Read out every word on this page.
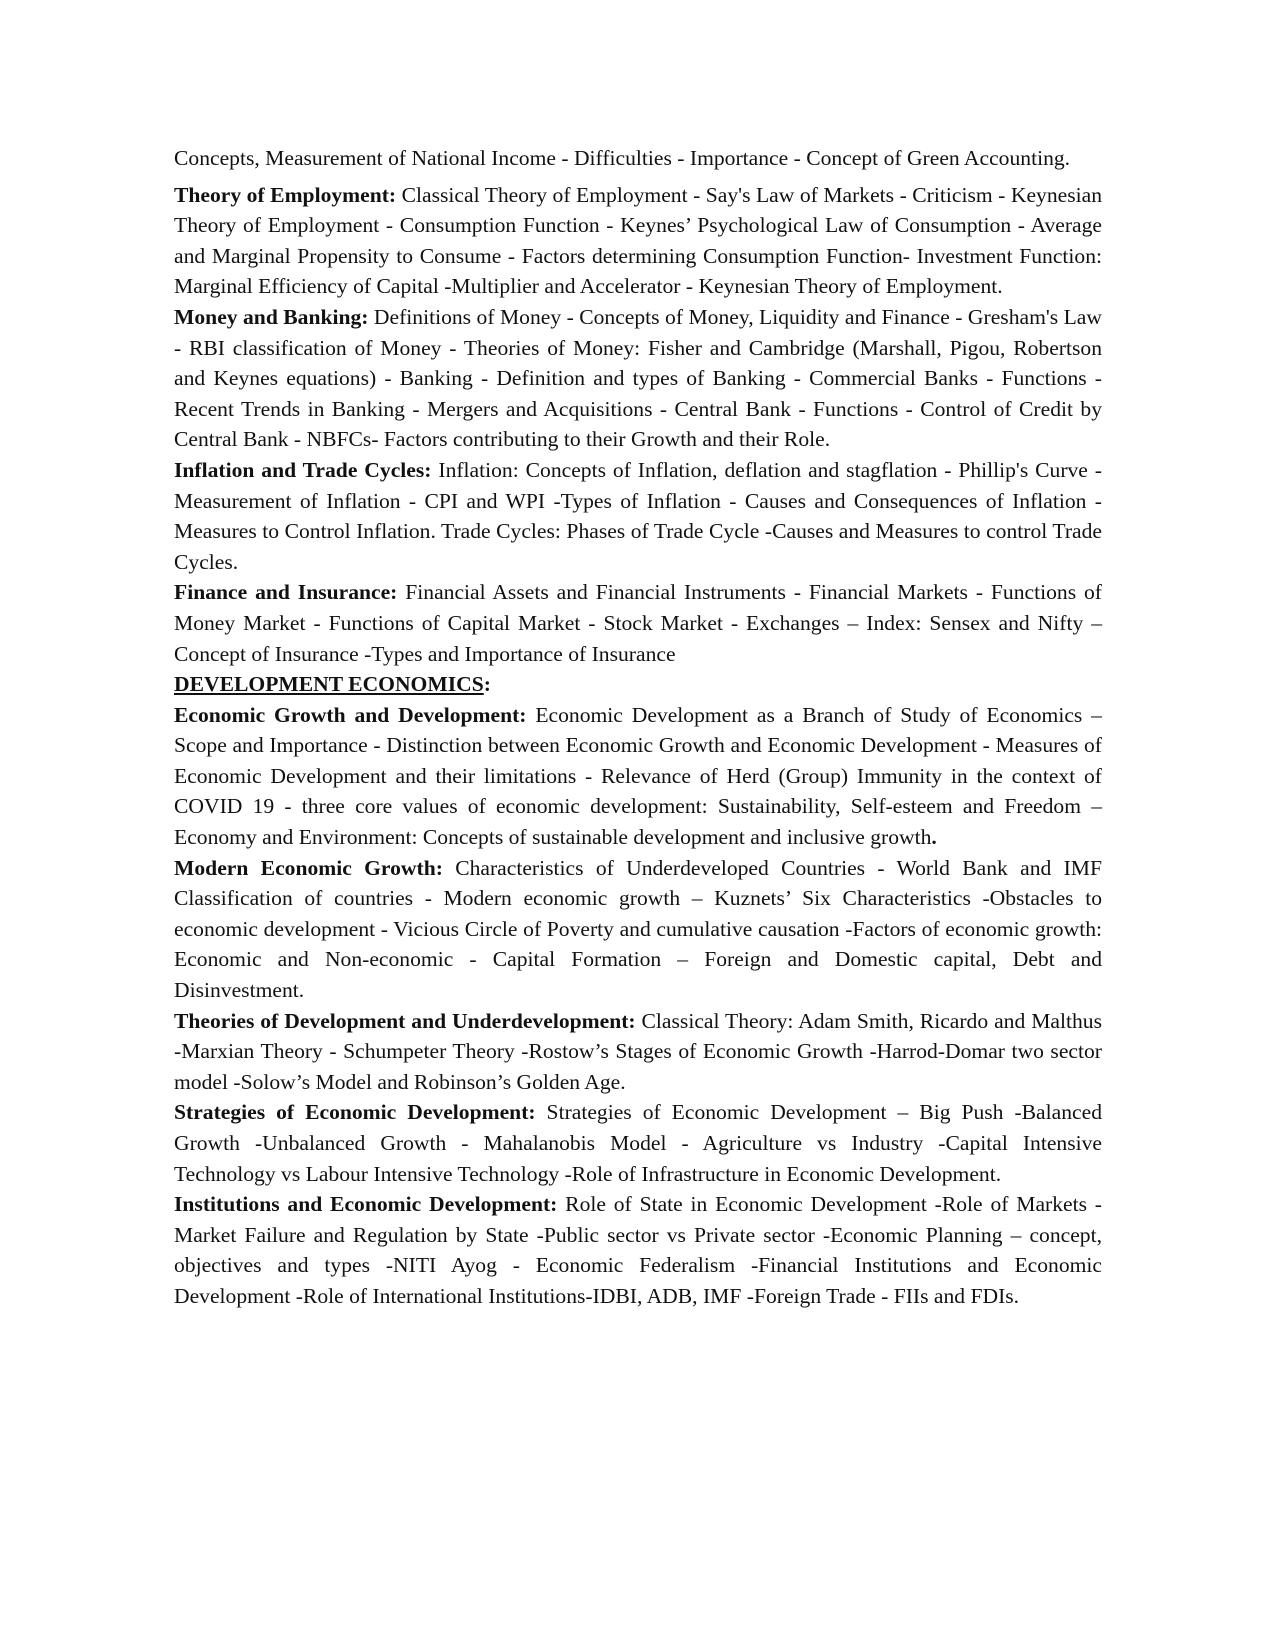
Concepts, Measurement of National Income - Difficulties - Importance - Concept of Green Accounting.

Theory of Employment: Classical Theory of Employment - Say's Law of Markets - Criticism - Keynesian Theory of Employment - Consumption Function - Keynes’ Psychological Law of Consumption - Average and Marginal Propensity to Consume - Factors determining Consumption Function- Investment Function: Marginal Efficiency of Capital -Multiplier and Accelerator - Keynesian Theory of Employment.

Money and Banking: Definitions of Money - Concepts of Money, Liquidity and Finance - Gresham's Law - RBI classification of Money - Theories of Money: Fisher and Cambridge (Marshall, Pigou, Robertson and Keynes equations) - Banking - Definition and types of Banking - Commercial Banks - Functions -Recent Trends in Banking - Mergers and Acquisitions - Central Bank - Functions - Control of Credit by Central Bank - NBFCs- Factors contributing to their Growth and their Role.

Inflation and Trade Cycles: Inflation: Concepts of Inflation, deflation and stagflation - Phillip's Curve - Measurement of Inflation - CPI and WPI -Types of Inflation - Causes and Consequences of Inflation -Measures to Control Inflation. Trade Cycles: Phases of Trade Cycle -Causes and Measures to control Trade Cycles.

Finance and Insurance: Financial Assets and Financial Instruments - Financial Markets - Functions of Money Market - Functions of Capital Market - Stock Market - Exchanges – Index: Sensex and Nifty – Concept of Insurance -Types and Importance of Insurance

DEVELOPMENT ECONOMICS:

Economic Growth and Development: Economic Development as a Branch of Study of Economics – Scope and Importance - Distinction between Economic Growth and Economic Development - Measures of Economic Development and their limitations - Relevance of Herd (Group) Immunity in the context of COVID 19 - three core values of economic development: Sustainability, Self-esteem and Freedom – Economy and Environment: Concepts of sustainable development and inclusive growth.

Modern Economic Growth: Characteristics of Underdeveloped Countries - World Bank and IMF Classification of countries - Modern economic growth – Kuznets’ Six Characteristics -Obstacles to economic development - Vicious Circle of Poverty and cumulative causation -Factors of economic growth: Economic and Non-economic - Capital Formation – Foreign and Domestic capital, Debt and Disinvestment.

Theories of Development and Underdevelopment: Classical Theory: Adam Smith, Ricardo and Malthus -Marxian Theory - Schumpeter Theory -Rostow’s Stages of Economic Growth -Harrod-Domar two sector model -Solow’s Model and Robinson’s Golden Age.

Strategies of Economic Development: Strategies of Economic Development – Big Push -Balanced Growth -Unbalanced Growth - Mahalanobis Model - Agriculture vs Industry -Capital Intensive Technology vs Labour Intensive Technology -Role of Infrastructure in Economic Development.

Institutions and Economic Development: Role of State in Economic Development -Role of Markets - Market Failure and Regulation by State -Public sector vs Private sector -Economic Planning – concept, objectives and types -NITI Ayog - Economic Federalism -Financial Institutions and Economic Development -Role of International Institutions-IDBI, ADB, IMF -Foreign Trade - FIIs and FDIs.
